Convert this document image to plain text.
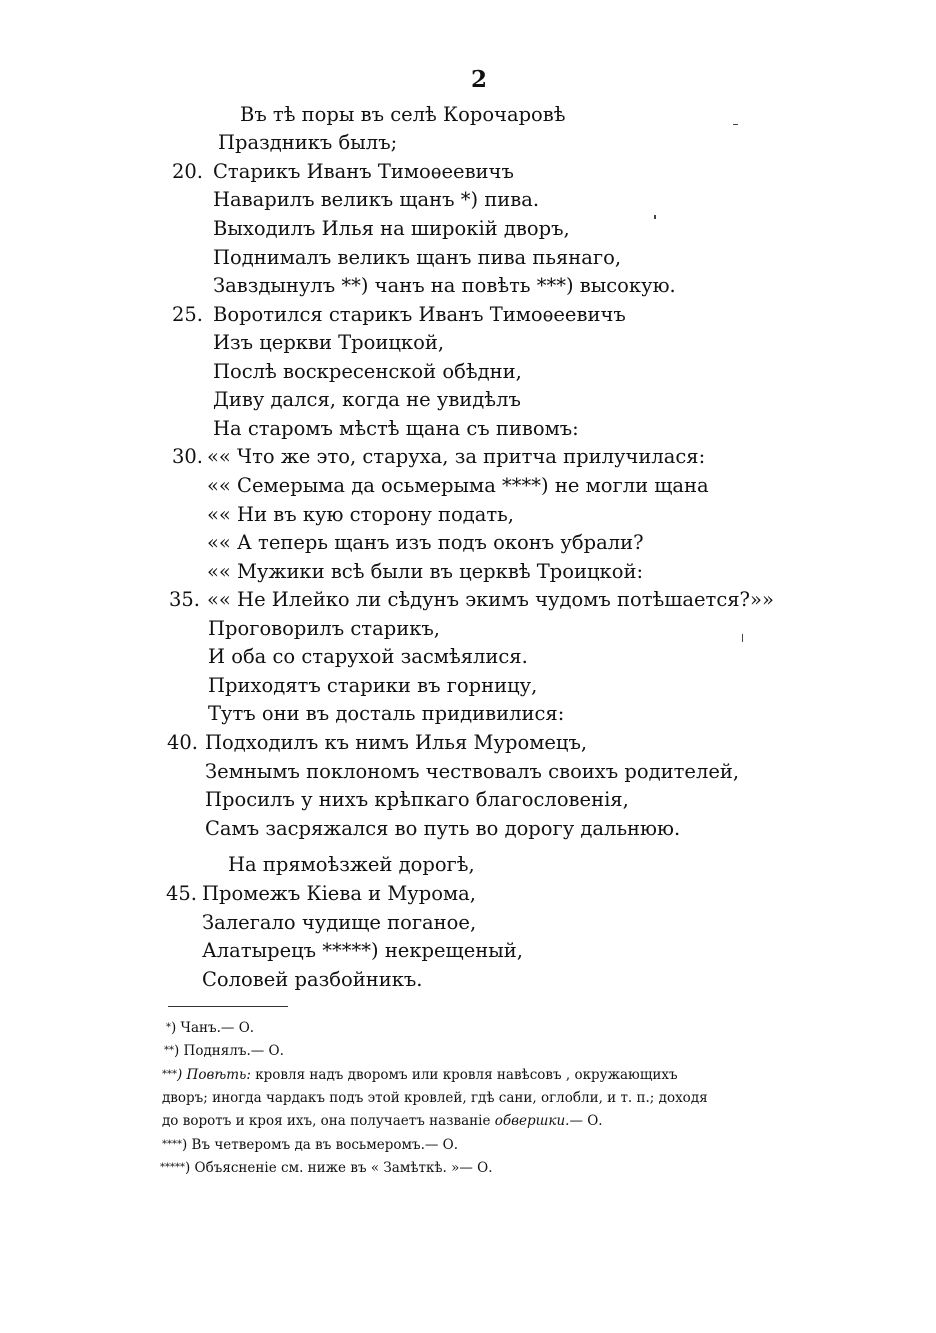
2
Въ тѣ поры въ селѣ Корочаровѣ
Праздникъ былъ;
20. Старикъ Иванъ Тимоѳеевичъ
Наварилъ великъ щанъ *) пива.
Выходилъ Илья на широкій дворъ,
Поднималъ великъ щанъ пива пьянаго,
Завздынулъ **) чанъ на повѣть ***) высокую.
25. Воротился старикъ Иванъ Тимоѳеевичъ
Изъ церкви Троицкой,
Послѣ воскресенской обѣдни,
Диву дался, когда не увидѣлъ
На старомъ мѣстѣ щана съ пивомъ:
30. «« Что же это, старуха, за притча прилучилася:
«« Семерыма да осьмерыма ****) не могли щана
«« Ни въ кую сторону подать,
«« А теперь щанъ изъ подъ оконъ убрали?
«« Мужики всѣ были въ церквѣ Троицкой:
35. «« Не Илейко ли сѣдунъ экимъ чудомъ потѣшается?»»
Проговорилъ старикъ,
И оба со старухой засмѣялися.
Приходятъ старики въ горницу,
Тутъ они въ досталь придивилися:
40. Подходилъ къ нимъ Илья Муромецъ,
Земнымъ поклономъ чествовалъ своихъ родителей,
Просилъ у нихъ крѣпкаго благословенія,
Самъ засряжался во путь во дорогу дальнюю.
На прямоѣзжей дорогѣ,
45. Промежъ Кіева и Мурома,
Залегало чудище поганое,
Алатырецъ *****) некрещеный,
Соловей разбойникъ.
*) Чанъ.— О.
**) Поднялъ.— О.
***) Повѣть: кровля надъ дворомъ или кровля навѣсовъ , окружающихъ
дворъ; иногда чардакъ подъ этой кровлей, гдѣ сани, оглобли, и т. п.; доходя
до воротъ и кроя ихъ, она получаетъ названіе обвершки.— О.
****) Въ четверомъ да въ восьмеромъ.— О.
*****) Объясненіе см. ниже въ « Замѣткѣ. »— О.
